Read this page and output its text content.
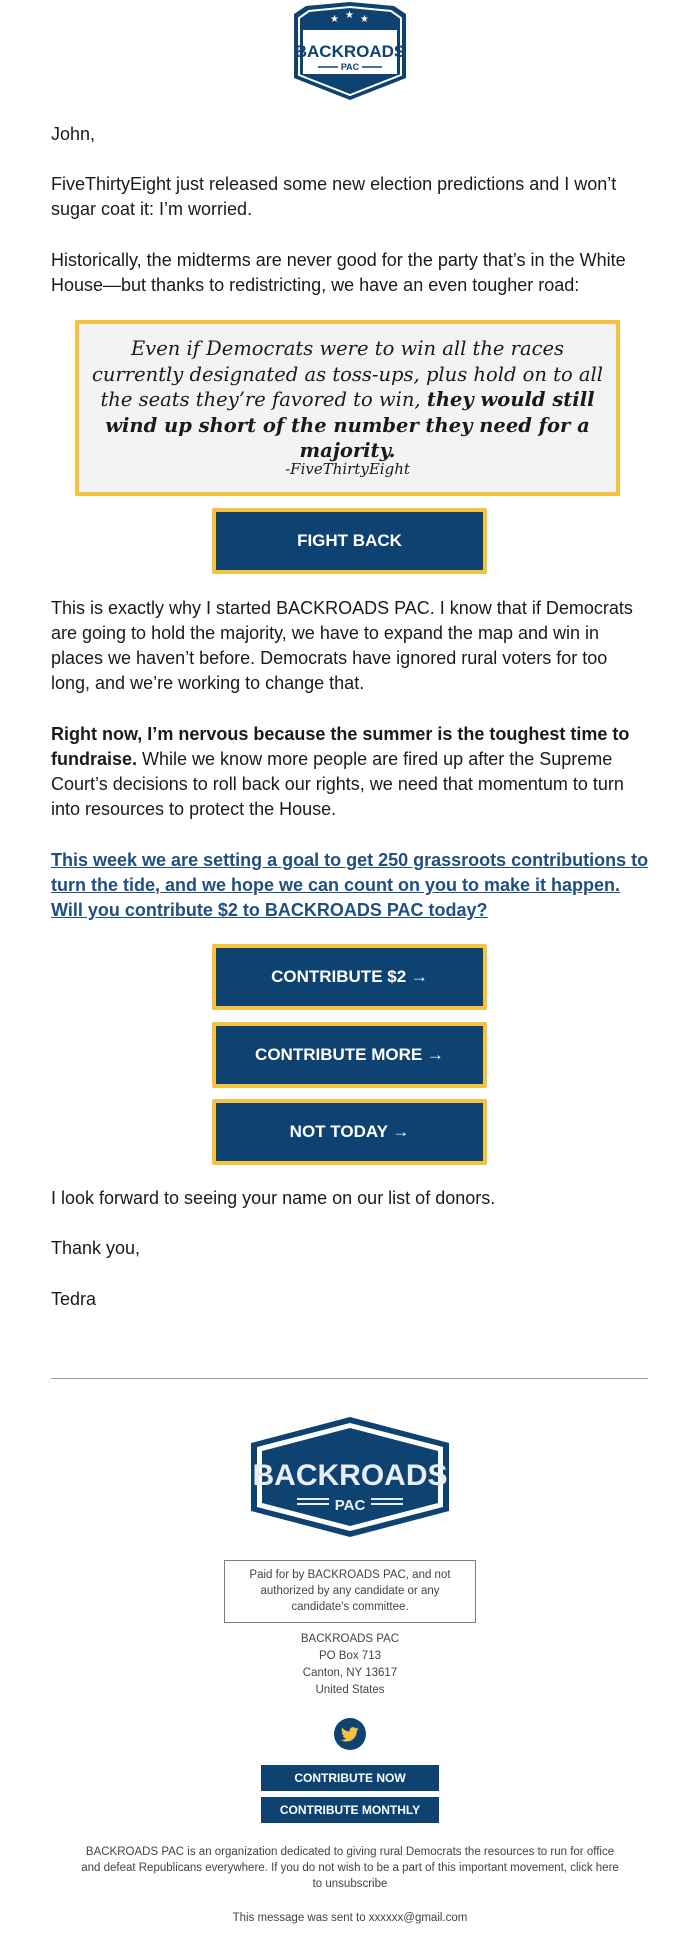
★ ★ ★
BACKROADS
PAC

John,

FiveThirtyEight just released some new election predictions and I won’t sugar coat it: I’m worried.

Historically, the midterms are never good for the party that’s in the White House—but thanks to redistricting, we have an even tougher road:

Even if Democrats were to win all the races currently designated as toss-ups, plus hold on to all the seats they’re favored to win, they would still wind up short of the number they need for a majority.

-FiveThirtyEight
FIGHT BACK

This is exactly why I started BACKROADS PAC. I know that if Democrats are going to hold the majority, we have to expand the map and win in places we haven’t before. Democrats have ignored rural voters for too long, and we’re working to change that.

Right now, I’m nervous because the summer is the toughest time to fundraise. While we know more people are fired up after the Supreme Court’s decisions to roll back our rights, we need that momentum to turn into resources to protect the House.

This week we are setting a goal to get 250 grassroots contributions to turn the tide, and we hope we can count on you to make it happen. Will you contribute $2 to BACKROADS PAC today?

CONTRIBUTE $2 →
CONTRIBUTE MORE →
NOT TODAY →

I look forward to seeing your name on our list of donors.

Thank you,

Tedra

BACKROADS
PAC
Paid for by BACKROADS PAC, and not authorized by any candidate or any candidate's committee.
BACKROADS PAC
PO Box 713
Canton, NY 13617
United States
CONTRIBUTE NOW
CONTRIBUTE MONTHLY
BACKROADS PAC is an organization dedicated to giving rural Democrats the resources to run for office and defeat Republicans everywhere. If you do not wish to be a part of this important movement, click here to unsubscribe
This message was sent to xxxxxx@gmail.com
